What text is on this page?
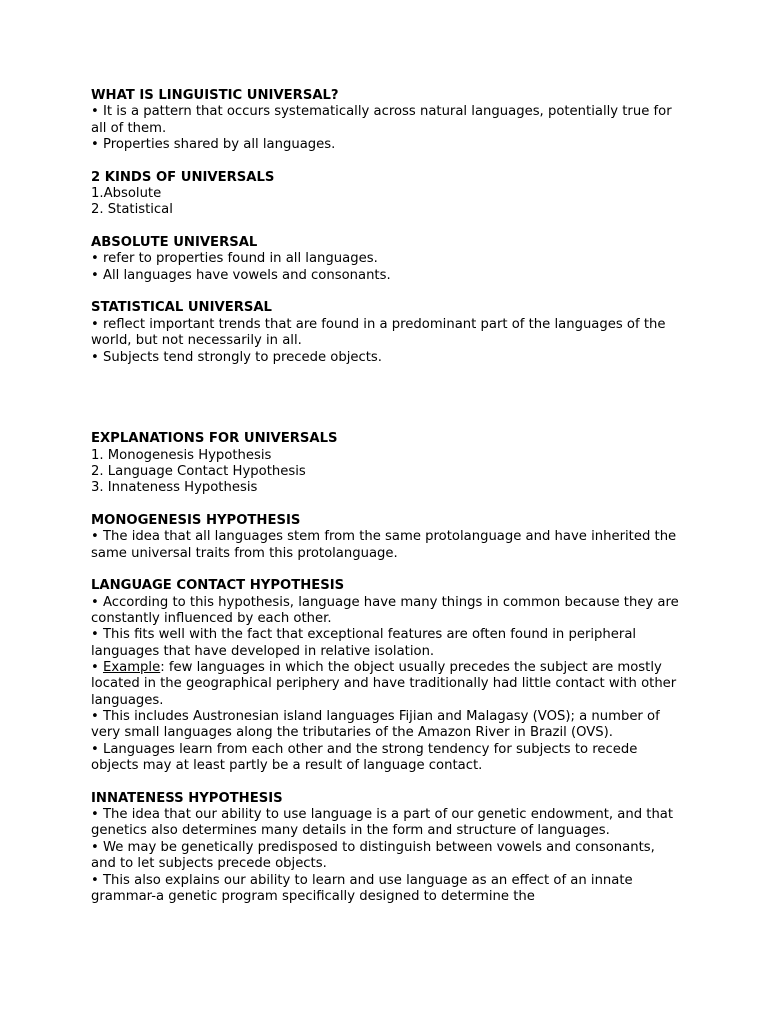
WHAT IS LINGUISTIC UNIVERSAL?

• It is a pattern that occurs systematically across natural languages, potentially true for all of them.

• Properties shared by all languages.

2 KINDS OF UNIVERSALS

1.Absolute

2. Statistical

ABSOLUTE UNIVERSAL

• refer to properties found in all languages.

• All languages have vowels and consonants.

STATISTICAL UNIVERSAL

• reflect important trends that are found in a predominant part of the languages of the world, but not necessarily in all.

• Subjects tend strongly to precede objects.

EXPLANATIONS FOR UNIVERSALS

1. Monogenesis Hypothesis

2. Language Contact Hypothesis

3. Innateness Hypothesis

MONOGENESIS HYPOTHESIS

• The idea that all languages stem from the same protolanguage and have inherited the same universal traits from this protolanguage.

LANGUAGE CONTACT HYPOTHESIS

• According to this hypothesis, language have many things in common because they are constantly influenced by each other.

• This fits well with the fact that exceptional features are often found in peripheral languages that have developed in relative isolation.

• Example: few languages in which the object usually precedes the subject are mostly located in the geographical periphery and have traditionally had little contact with other languages.

• This includes Austronesian island languages Fijian and Malagasy (VOS); a number of very small languages along the tributaries of the Amazon River in Brazil (OVS).

• Languages learn from each other and the strong tendency for subjects to recede objects may at least partly be a result of language contact.

INNATENESS HYPOTHESIS

• The idea that our ability to use language is a part of our genetic endowment, and that genetics also determines many details in the form and structure of languages.

• We may be genetically predisposed to distinguish between vowels and consonants, and to let subjects precede objects.

• This also explains our ability to learn and use language as an effect of an innate grammar-a genetic program specifically designed to determine the
